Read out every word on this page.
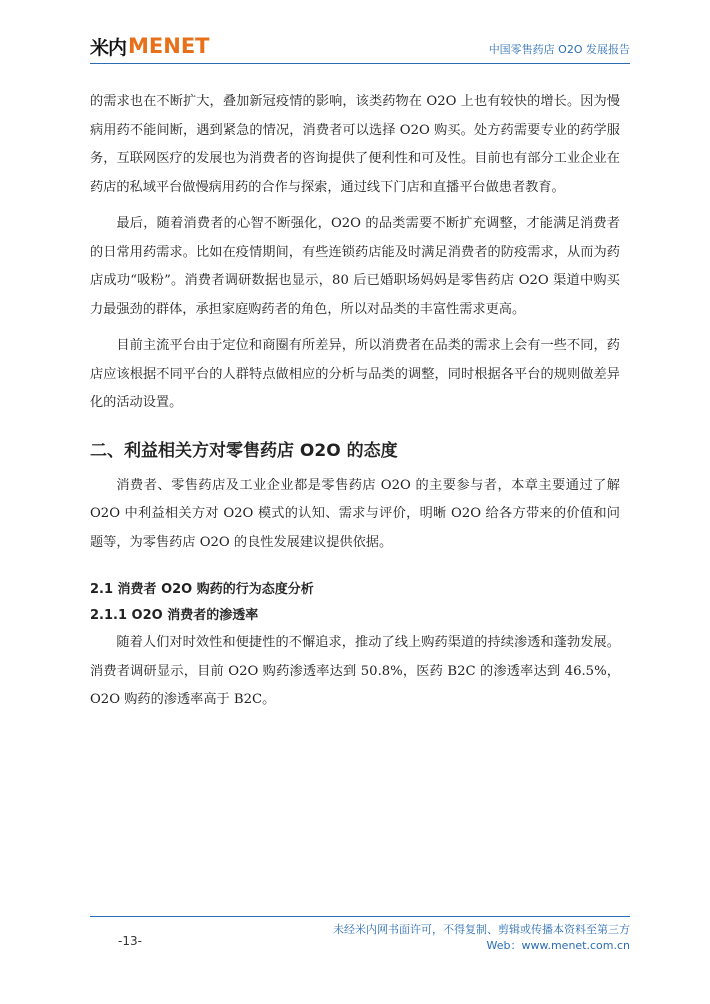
米内 MENET	中国零售药店 O2O 发展报告

的需求也在不断扩大，叠加新冠疫情的影响，该类药物在 O2O 上也有较快的增长。因为慢病用药不能间断，遇到紧急的情况，消费者可以选择 O2O 购买。处方药需要专业的药学服务，互联网医疗的发展也为消费者的咨询提供了便利性和可及性。目前也有部分工业企业在药店的私域平台做慢病用药的合作与探索，通过线下门店和直播平台做患者教育。

最后，随着消费者的心智不断强化，O2O 的品类需要不断扩充调整，才能满足消费者的日常用药需求。比如在疫情期间，有些连锁药店能及时满足消费者的防疫需求，从而为药店成功“吸粉”。消费者调研数据也显示，80 后已婚职场妈妈是零售药店 O2O 渠道中购买力最强劲的群体，承担家庭购药者的角色，所以对品类的丰富性需求更高。

目前主流平台由于定位和商圈有所差异，所以消费者在品类的需求上会有一些不同，药店应该根据不同平台的人群特点做相应的分析与品类的调整，同时根据各平台的规则做差异化的活动设置。

二、利益相关方对零售药店 O2O 的态度

消费者、零售药店及工业企业都是零售药店 O2O 的主要参与者，本章主要通过了解 O2O 中利益相关方对 O2O 模式的认知、需求与评价，明晰 O2O 给各方带来的价值和问题等，为零售药店 O2O 的良性发展建议提供依据。

2.1 消费者 O2O 购药的行为态度分析
2.1.1 O2O 消费者的渗透率

随着人们对时效性和便捷性的不懈追求，推动了线上购药渠道的持续渗透和蓬勃发展。消费者调研显示，目前 O2O 购药渗透率达到 50.8%，医药 B2C 的渗透率达到 46.5%，O2O 购药的渗透率高于 B2C。

-13-
未经米内网书面许可，不得复制、剪辑或传播本资料至第三方
Web：www.menet.com.cn
